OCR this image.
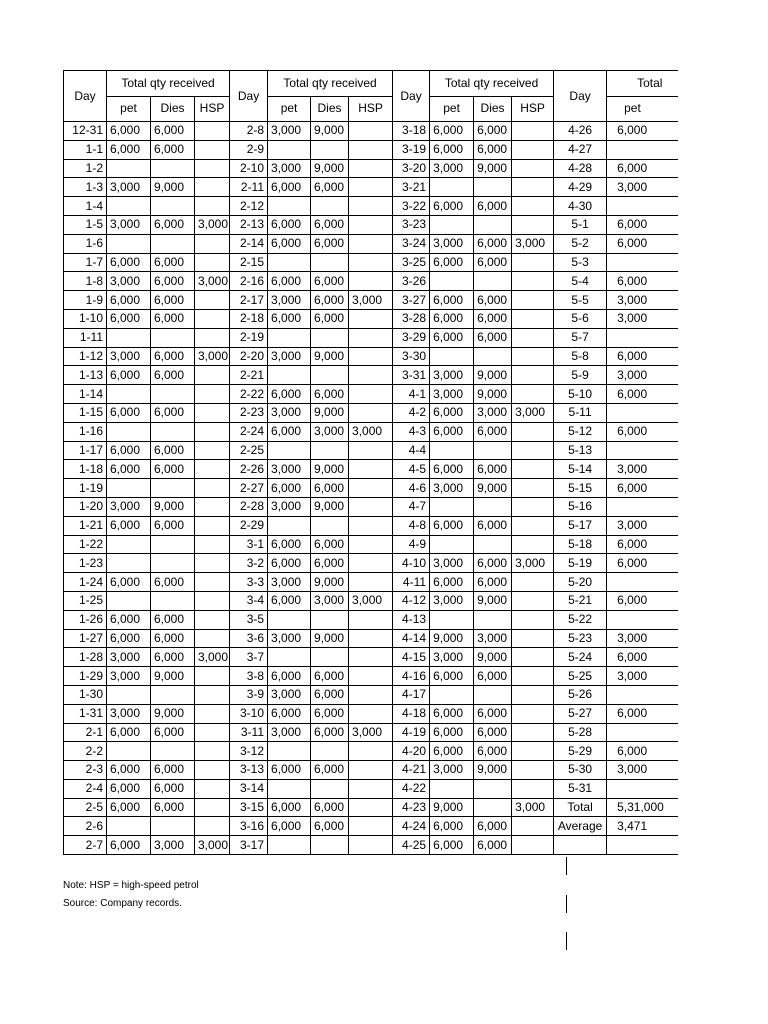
Day	Total qty received			Day	Total qty received			Day	Total qty received			Day	Total
	pet	Dies	HSP		pet	Dies	HSP		pet	Dies	HSP		pet
12-31	6,000	6,000		2-8	3,000	9,000		3-18	6,000	6,000		4-26	6,000
1-1	6,000	6,000		2-9				3-19	6,000	6,000		4-27	
1-2				2-10	3,000	9,000		3-20	3,000	9,000		4-28	6,000
1-3	3,000	9,000		2-11	6,000	6,000		3-21				4-29	3,000
1-4				2-12				3-22	6,000	6,000		4-30	
1-5	3,000	6,000	3,000	2-13	6,000	6,000		3-23				5-1	6,000
1-6				2-14	6,000	6,000		3-24	3,000	6,000	3,000	5-2	6,000
1-7	6,000	6,000		2-15				3-25	6,000	6,000		5-3	
1-8	3,000	6,000	3,000	2-16	6,000	6,000		3-26				5-4	6,000
1-9	6,000	6,000		2-17	3,000	6,000	3,000	3-27	6,000	6,000		5-5	3,000
1-10	6,000	6,000		2-18	6,000	6,000		3-28	6,000	6,000		5-6	3,000
1-11				2-19				3-29	6,000	6,000		5-7	
1-12	3,000	6,000	3,000	2-20	3,000	9,000		3-30				5-8	6,000
1-13	6,000	6,000		2-21				3-31	3,000	9,000		5-9	3,000
1-14				2-22	6,000	6,000		4-1	3,000	9,000		5-10	6,000
1-15	6,000	6,000		2-23	3,000	9,000		4-2	6,000	3,000	3,000	5-11	
1-16				2-24	6,000	3,000	3,000	4-3	6,000	6,000		5-12	6,000
1-17	6,000	6,000		2-25				4-4				5-13	
1-18	6,000	6,000		2-26	3,000	9,000		4-5	6,000	6,000		5-14	3,000
1-19				2-27	6,000	6,000		4-6	3,000	9,000		5-15	6,000
1-20	3,000	9,000		2-28	3,000	9,000		4-7				5-16	
1-21	6,000	6,000		2-29				4-8	6,000	6,000		5-17	3,000
1-22				3-1	6,000	6,000		4-9				5-18	6,000
1-23				3-2	6,000	6,000		4-10	3,000	6,000	3,000	5-19	6,000
1-24	6,000	6,000		3-3	3,000	9,000		4-11	6,000	6,000		5-20	
1-25				3-4	6,000	3,000	3,000	4-12	3,000	9,000		5-21	6,000
1-26	6,000	6,000		3-5				4-13				5-22	
1-27	6,000	6,000		3-6	3,000	9,000		4-14	9,000	3,000		5-23	3,000
1-28	3,000	6,000	3,000	3-7				4-15	3,000	9,000		5-24	6,000
1-29	3,000	9,000		3-8	6,000	6,000		4-16	6,000	6,000		5-25	3,000
1-30				3-9	3,000	6,000		4-17				5-26	
1-31	3,000	9,000		3-10	6,000	6,000		4-18	6,000	6,000		5-27	6,000
2-1	6,000	6,000		3-11	3,000	6,000	3,000	4-19	6,000	6,000		5-28	
2-2				3-12				4-20	6,000	6,000		5-29	6,000
2-3	6,000	6,000		3-13	6,000	6,000		4-21	3,000	9,000		5-30	3,000
2-4	6,000	6,000		3-14				4-22				5-31	
2-5	6,000	6,000		3-15	6,000	6,000		4-23	9,000		3,000	Total	5,31,000
2-6				3-16	6,000	6,000		4-24	6,000	6,000		Average	3,471
2-7	6,000	3,000	3,000	3-17				4-25	6,000	6,000			
Note: HSP = high-speed petrol
Source: Company records.
